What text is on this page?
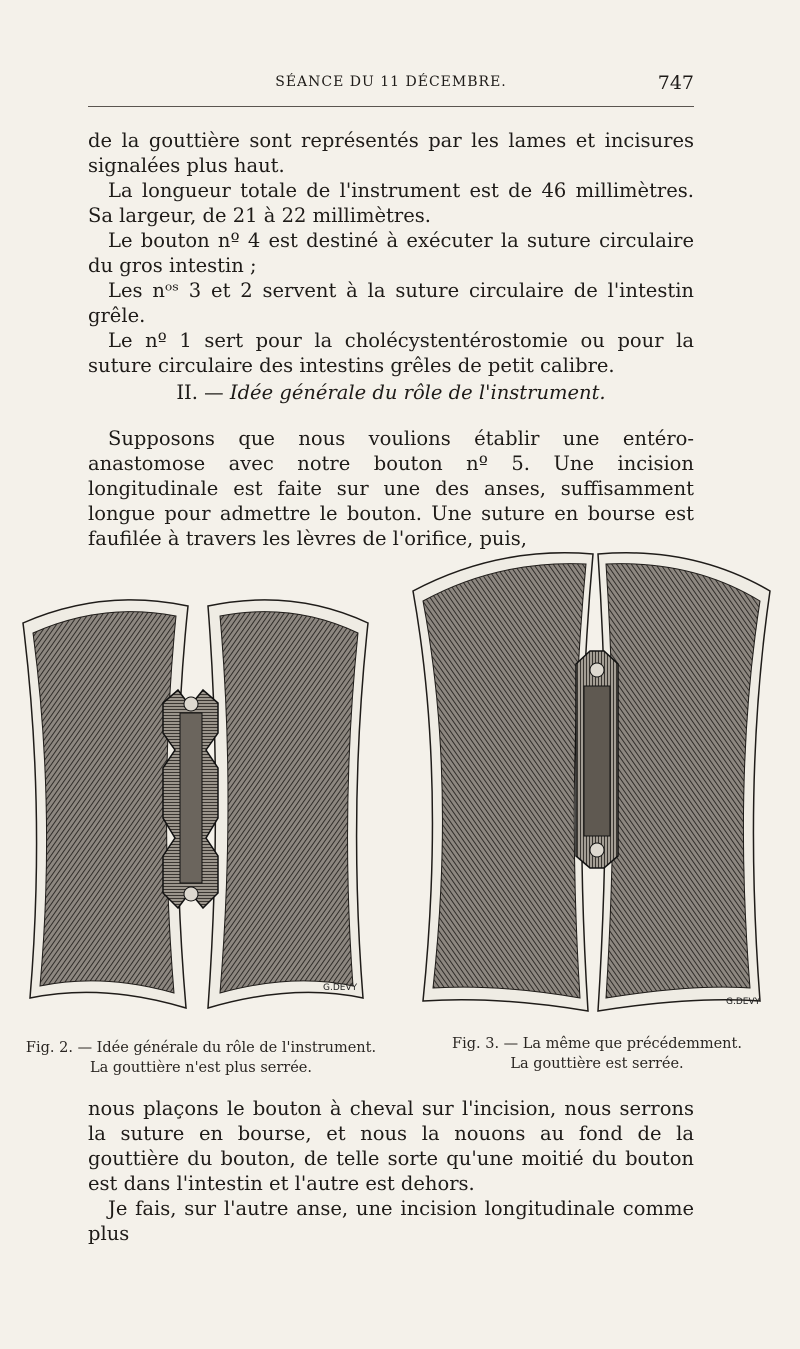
SÉANCE DU 11 DÉCEMBRE.	747

de la gouttière sont représentés par les lames et incisures signalées plus haut.

La longueur totale de l'instrument est de 46 millimètres. Sa largeur, de 21 à 22 millimètres.

Le bouton nº 4 est destiné à exécuter la suture circulaire du gros intestin ;

Les nᵒˢ 3 et 2 servent à la suture circulaire de l'intestin grêle.

Le nº 1 sert pour la cholécystentérostomie ou pour la suture circulaire des intestins grêles de petit calibre.

II. — Idée générale du rôle de l'instrument.

Supposons que nous voulions établir une entéro-anastomose avec notre bouton nº 5. Une incision longitudinale est faite sur une des anses, suffisamment longue pour admettre le bouton. Une suture en bourse est faufilée à travers les lèvres de l'orifice, puis,

G.DEVY
G.DEVY
Fig. 2. — Idée générale du rôle de l'instrument.
La gouttière n'est plus serrée.
Fig. 3. — La même que précédemment.
La gouttière est serrée.

nous plaçons le bouton à cheval sur l'incision, nous serrons la suture en bourse, et nous la nouons au fond de la gouttière du bouton, de telle sorte qu'une moitié du bouton est dans l'intestin et l'autre est dehors.

Je fais, sur l'autre anse, une incision longitudinale comme plus
